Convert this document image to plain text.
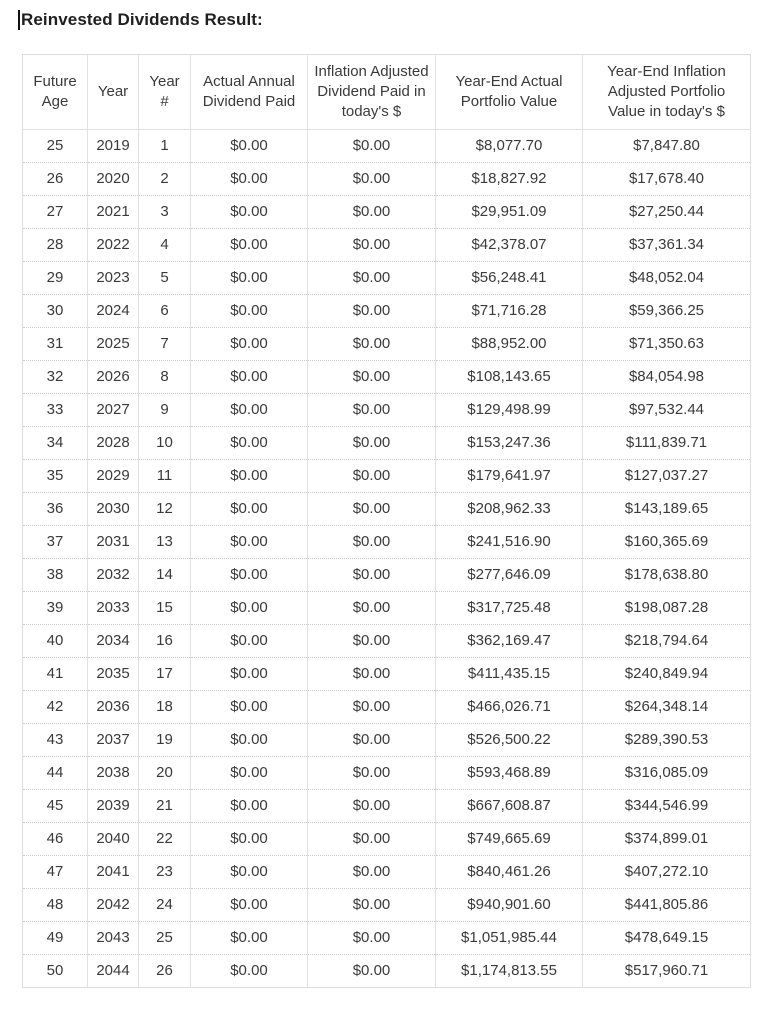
Reinvested Dividends Result:
Future Age	Year	Year #	Actual Annual Dividend Paid	Inflation Adjusted Dividend Paid in today's $	Year-End Actual Portfolio Value	Year-End Inflation Adjusted Portfolio Value in today's $
25	2019	1	$0.00	$0.00	$8,077.70	$7,847.80
26	2020	2	$0.00	$0.00	$18,827.92	$17,678.40
27	2021	3	$0.00	$0.00	$29,951.09	$27,250.44
28	2022	4	$0.00	$0.00	$42,378.07	$37,361.34
29	2023	5	$0.00	$0.00	$56,248.41	$48,052.04
30	2024	6	$0.00	$0.00	$71,716.28	$59,366.25
31	2025	7	$0.00	$0.00	$88,952.00	$71,350.63
32	2026	8	$0.00	$0.00	$108,143.65	$84,054.98
33	2027	9	$0.00	$0.00	$129,498.99	$97,532.44
34	2028	10	$0.00	$0.00	$153,247.36	$111,839.71
35	2029	11	$0.00	$0.00	$179,641.97	$127,037.27
36	2030	12	$0.00	$0.00	$208,962.33	$143,189.65
37	2031	13	$0.00	$0.00	$241,516.90	$160,365.69
38	2032	14	$0.00	$0.00	$277,646.09	$178,638.80
39	2033	15	$0.00	$0.00	$317,725.48	$198,087.28
40	2034	16	$0.00	$0.00	$362,169.47	$218,794.64
41	2035	17	$0.00	$0.00	$411,435.15	$240,849.94
42	2036	18	$0.00	$0.00	$466,026.71	$264,348.14
43	2037	19	$0.00	$0.00	$526,500.22	$289,390.53
44	2038	20	$0.00	$0.00	$593,468.89	$316,085.09
45	2039	21	$0.00	$0.00	$667,608.87	$344,546.99
46	2040	22	$0.00	$0.00	$749,665.69	$374,899.01
47	2041	23	$0.00	$0.00	$840,461.26	$407,272.10
48	2042	24	$0.00	$0.00	$940,901.60	$441,805.86
49	2043	25	$0.00	$0.00	$1,051,985.44	$478,649.15
50	2044	26	$0.00	$0.00	$1,174,813.55	$517,960.71
